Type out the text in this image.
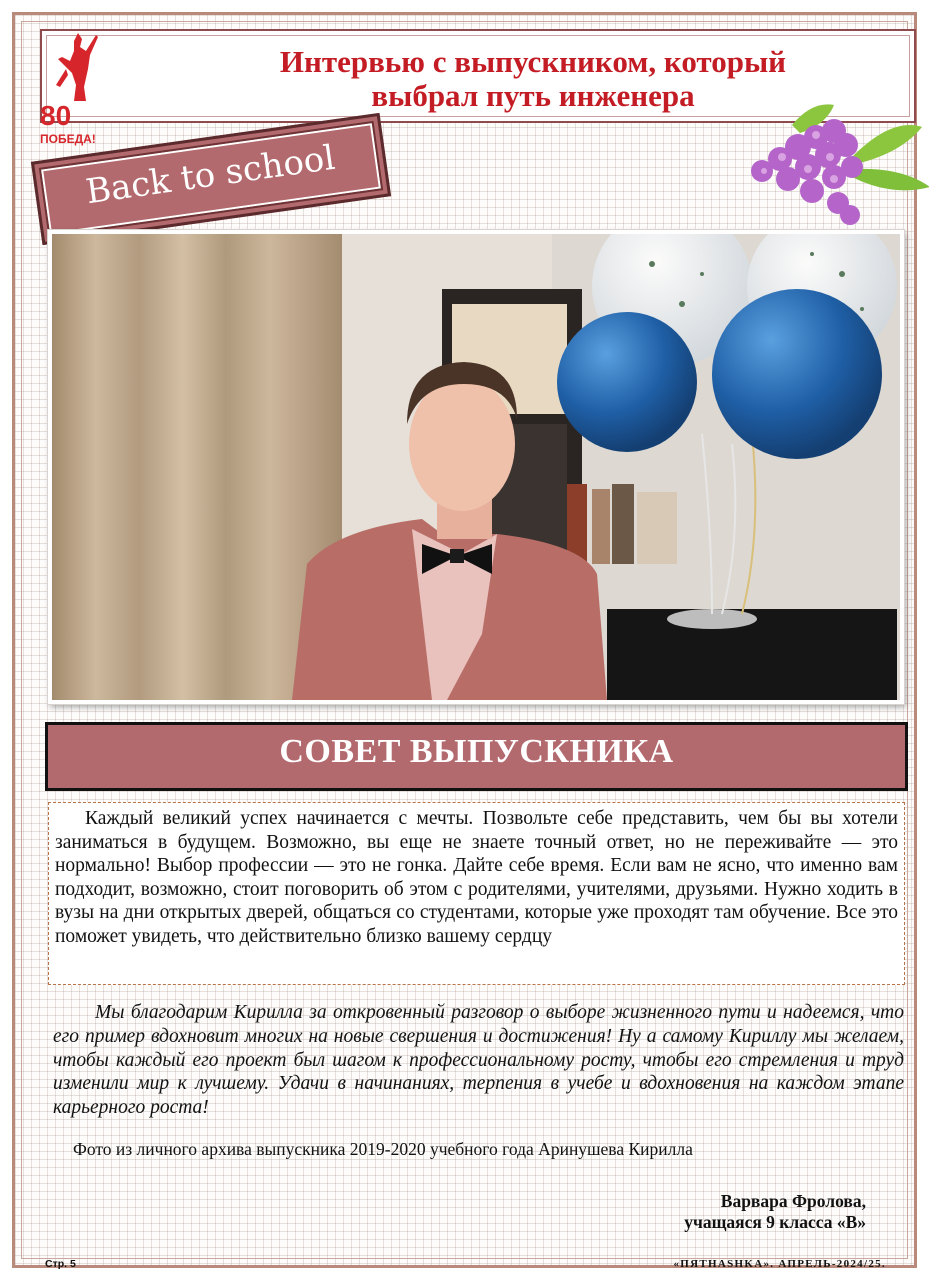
Интервью с выпускником, который
выбрал путь инженера
80
ПОБЕДА!
Back to school
СОВЕТ ВЫПУСКНИКА

Каждый великий успех начинается с мечты. Позвольте себе представить, чем бы вы хотели заниматься в будущем. Возможно, вы еще не знаете точный ответ, но не переживайте — это нормально! Выбор профессии — это не гонка. Дайте себе время. Если вам не ясно, что именно вам подходит, возможно, стоит поговорить об этом с родителями, учителями, друзьями. Нужно ходить в вузы на дни открытых дверей, общаться со студентами, которые уже проходят там обучение. Все это поможет увидеть, что действительно близко вашему сердцу

Мы благодарим Кирилла за откровенный разговор о выборе жизненного пути и надеемся, что его пример вдохновит многих на новые свершения и достижения! Ну а самому Кириллу мы желаем, чтобы каждый его проект был шагом к профессиональному росту, чтобы его стремления и труд изменили мир к лучшему. Удачи в начинаниях, терпения в учебе и вдохновения на каждом этапе карьерного роста!

Фото из личного архива выпускника 2019-2020 учебного года Аринушева Кирилла

Варвара Фролова,
учащаяся 9 класса «В»
Стр. 5	«ПЯТНАSHKA». АПРЕЛЬ-2024/25.
